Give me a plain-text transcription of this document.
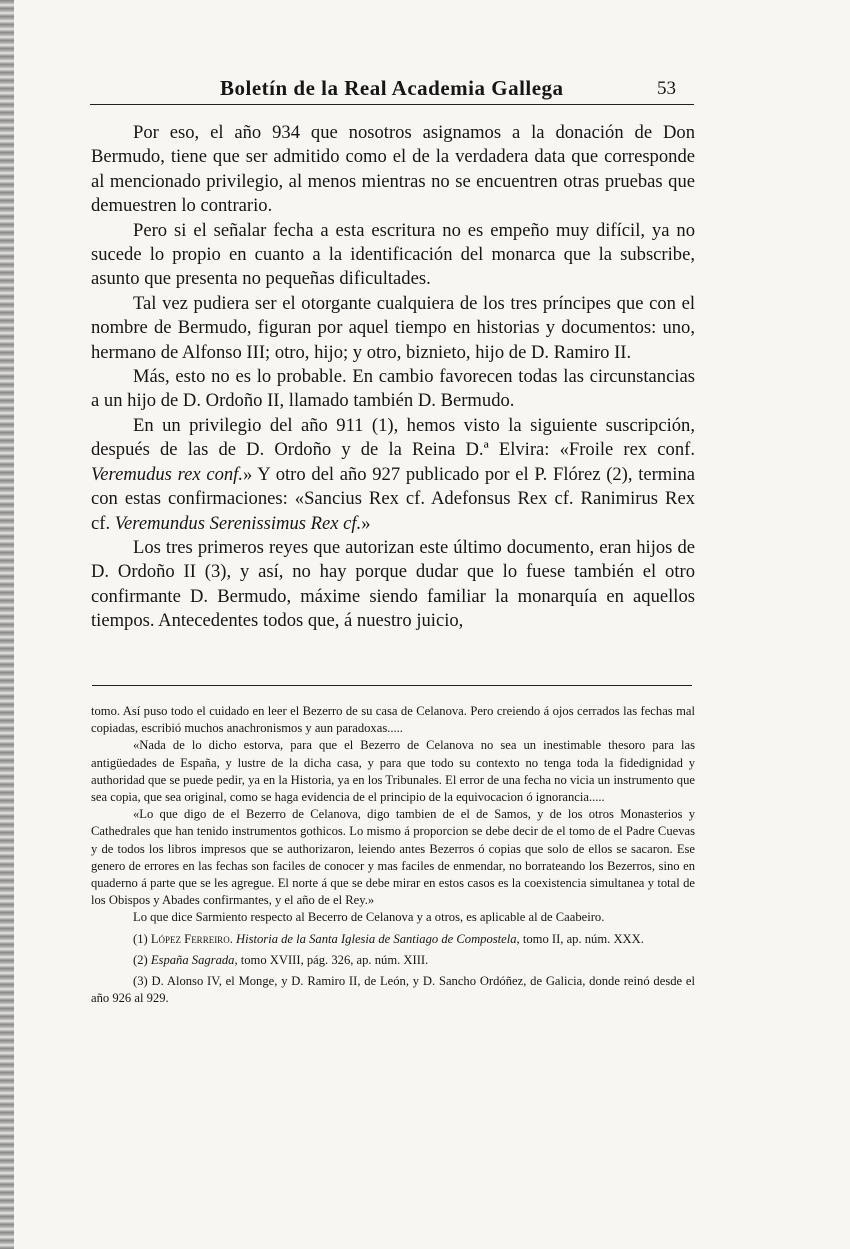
Boletín de la Real Academia Gallega	53

Por eso, el año 934 que nosotros asignamos a la donación de Don Bermudo, tiene que ser admitido como el de la verdadera data que corresponde al mencionado privilegio, al menos mientras no se encuentren otras pruebas que demuestren lo contrario.

Pero si el señalar fecha a esta escritura no es empeño muy difícil, ya no sucede lo propio en cuanto a la identificación del monarca que la subscribe, asunto que presenta no pequeñas dificultades.

Tal vez pudiera ser el otorgante cualquiera de los tres príncipes que con el nombre de Bermudo, figuran por aquel tiempo en historias y documentos: uno, hermano de Alfonso III; otro, hijo; y otro, biznieto, hijo de D. Ramiro II.

Más, esto no es lo probable. En cambio favorecen todas las circunstancias a un hijo de D. Ordoño II, llamado también D. Bermudo.

En un privilegio del año 911 (1), hemos visto la siguiente suscripción, después de las de D. Ordoño y de la Reina D.ª Elvira: «Froile rex conf. Veremudus rex conf.» Y otro del año 927 publicado por el P. Flórez (2), termina con estas confirmaciones: «Sancius Rex cf. Adefonsus Rex cf. Ranimirus Rex cf. Veremundus Serenissimus Rex cf.»

Los tres primeros reyes que autorizan este último documento, eran hijos de D. Ordoño II (3), y así, no hay porque dudar que lo fuese también el otro confirmante D. Bermudo, máxime siendo familiar la monarquía en aquellos tiempos. Antecedentes todos que, á nuestro juicio,

tomo. Así puso todo el cuidado en leer el Bezerro de su casa de Celanova. Pero creiendo á ojos cerrados las fechas mal copiadas, escribió muchos anachronismos y aun paradoxas.....

«Nada de lo dicho estorva, para que el Bezerro de Celanova no sea un inestimable thesoro para las antigüedades de España, y lustre de la dicha casa, y para que todo su contexto no tenga toda la fidedignidad y authoridad que se puede pedir, ya en la Historia, ya en los Tribunales. El error de una fecha no vicia un instrumento que sea copia, que sea original, como se haga evidencia de el principio de la equivocacion ó ignorancia.....

«Lo que digo de el Bezerro de Celanova, digo tambien de el de Samos, y de los otros Monasterios y Cathedrales que han tenido instrumentos gothicos. Lo mismo á proporcion se debe decir de el tomo de el Padre Cuevas y de todos los libros impresos que se authorizaron, leiendo antes Bezerros ó copias que solo de ellos se sacaron. Ese genero de errores en las fechas son faciles de conocer y mas faciles de enmendar, no borrateando los Bezerros, sino en quaderno á parte que se les agregue. El norte á que se debe mirar en estos casos es la coexistencia simultanea y total de los Obispos y Abades confirmantes, y el año de el Rey.»

Lo que dice Sarmiento respecto al Becerro de Celanova y a otros, es aplicable al de Caabeiro.

(1) López Ferreiro. Historia de la Santa Iglesia de Santiago de Compostela, tomo II, ap. núm. XXX.

(2) España Sagrada, tomo XVIII, pág. 326, ap. núm. XIII.

(3) D. Alonso IV, el Monge, y D. Ramiro II, de León, y D. Sancho Ordóñez, de Galicia, donde reinó desde el año 926 al 929.
